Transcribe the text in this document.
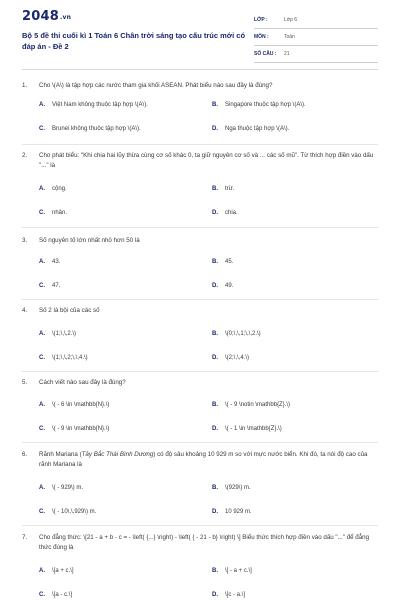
2048.vn
Bộ 5 đề thi cuối kì 1 Toán 6 Chân trời sáng tạo cấu trúc mới có đáp án - Đề 2
LỚP :	Lớp 6
MÔN :	Toán
SỐ CÂU :	21
1.	Cho \(A\) là tập hợp các nước tham gia khối ASEAN. Phát biểu nào sau đây là đúng?
A.	Việt Nam không thuộc tập hợp \(A\).	B.	Singapore thuộc tập hợp \(A\).
C.	Brunei không thuộc tập hợp \(A\).	D.	Nga thuộc tập hợp \(A\).
2.	Cho phát biểu: "Khi chia hai lũy thừa cùng cơ số khác 0, ta giữ nguyên cơ số và ... các số mũ". Từ thích hợp điền vào dấu "..." là
A.	cộng.	B.	trừ.
C.	nhân.	D.	chia.
3.	Số nguyên tố lớn nhất nhỏ hơn 50 là
A.	43.	B.	45.
C.	47.	D.	49.
4.	Số 2 là bội của các số
A.	\(1;\,\,2.\)	B.	\(0;\,\,1;\,\,2.\)
C.	\(1;\,\,2;\,\,4.\)	D.	\(2;\,\,4.\)
5.	Cách viết nào sau đây là đúng?
A.	\( - 6 \in \mathbb{N}.\)	B.	\( - 9 \notin \mathbb{Z}.\)
C.	\( - 9 \in \mathbb{N}.\)	D.	\( - 1 \in \mathbb{Z}.\)
6.	Rãnh Mariana (Tây Bắc Thái Bình Dương) có độ sâu khoảng 10 929 m so với mực nước biển. Khi đó, ta nói độ cao của rãnh Mariana là
A.	\( - 929\) m.	B.	\(929\) m.
C.	\( - 10\,\,929\) m.	D.	10 929 m.
7.	Cho đẳng thức: \[21 - a + b - c = - \left( {...} \right) - \left( { - 21 - b} \right) \] Biểu thức thích hợp điền vào dấu "..." để đẳng thức đúng là
A.	\[a + c.\]	B.	\[ - a + c.\]
C.	\[a - c.\]	D.	\[c - a.\]
